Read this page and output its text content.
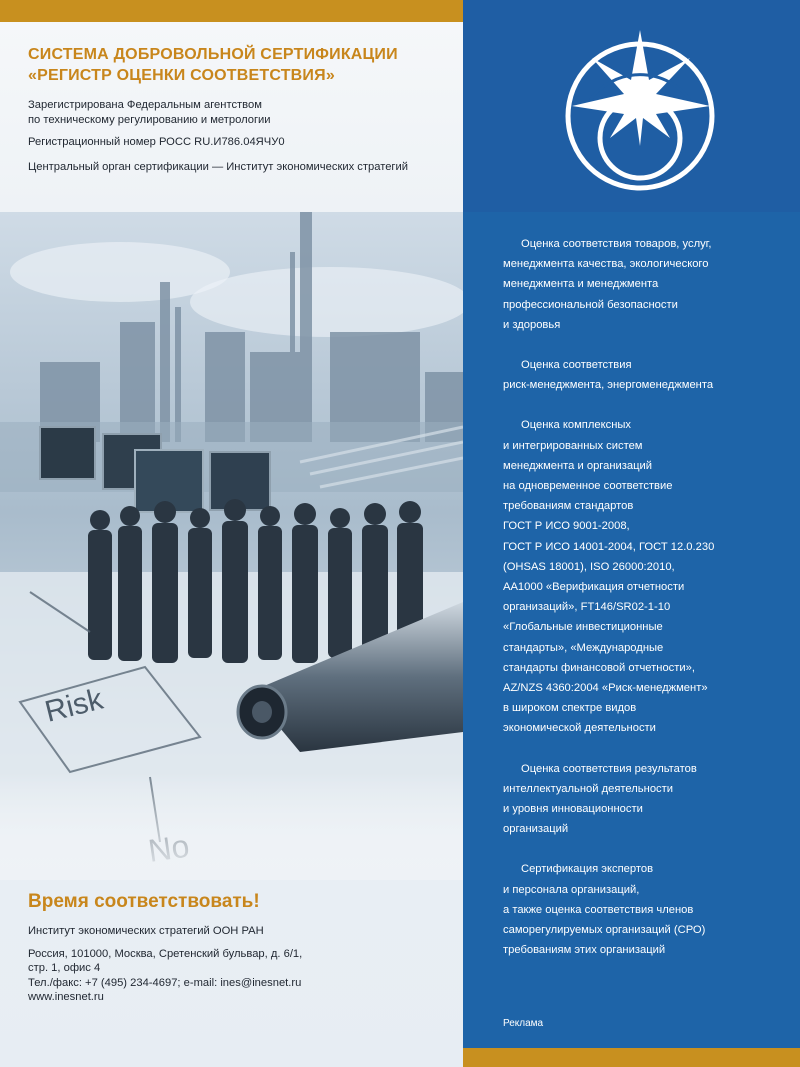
СИСТЕМА ДОБРОВОЛЬНОЙ СЕРТИФИКАЦИИ

«РЕГИСТР ОЦЕНКИ СООТВЕТСТВИЯ»

Зарегистрирована Федеральным агентством

по техническому регулированию и метрологии

Регистрационный номер РОСС RU.И786.04ЯЧУ0

Центральный орган сертификации — Институт экономических стратегий

Risk

Время соответствовать!

Институт экономических стратегий ООН РАН

Россия, 101000, Москва, Сретенский бульвар, д. 6/1,

стр. 1, офис 4

Тел./факс: +7 (495) 234-4697; e-mail: ines@inesnet.ru

www.inesnet.ru

Оценка соответствия товаров, услуг,
менеджмента качества, экологического
менеджмента и менеджмента
профессиональной безопасности
и здоровья
Оценка соответствия
риск-менеджмента, энергоменеджмента
Оценка комплексных
и интегрированных систем
менеджмента и организаций
на одновременное соответствие
требованиям стандартов
ГОСТ Р ИСО 9001-2008,
ГОСТ Р ИСО 14001-2004, ГОСТ 12.0.230
(OHSAS 18001), ISO 26000:2010,
АА1000 «Верификация отчетности
организаций», FT146/SR02-1-10
«Глобальные инвестиционные
стандарты», «Международные
стандарты финансовой отчетности»,
AZ/NZS 4360:2004 «Риск-менеджмент»
в широком спектре видов
экономической деятельности
Оценка соответствия результатов
интеллектуальной деятельности
и уровня инновационности
организаций
Сертификация экспертов
и персонала организаций,
а также оценка соответствия членов
саморегулируемых организаций (СРО)
требованиям этих организаций
Реклама
